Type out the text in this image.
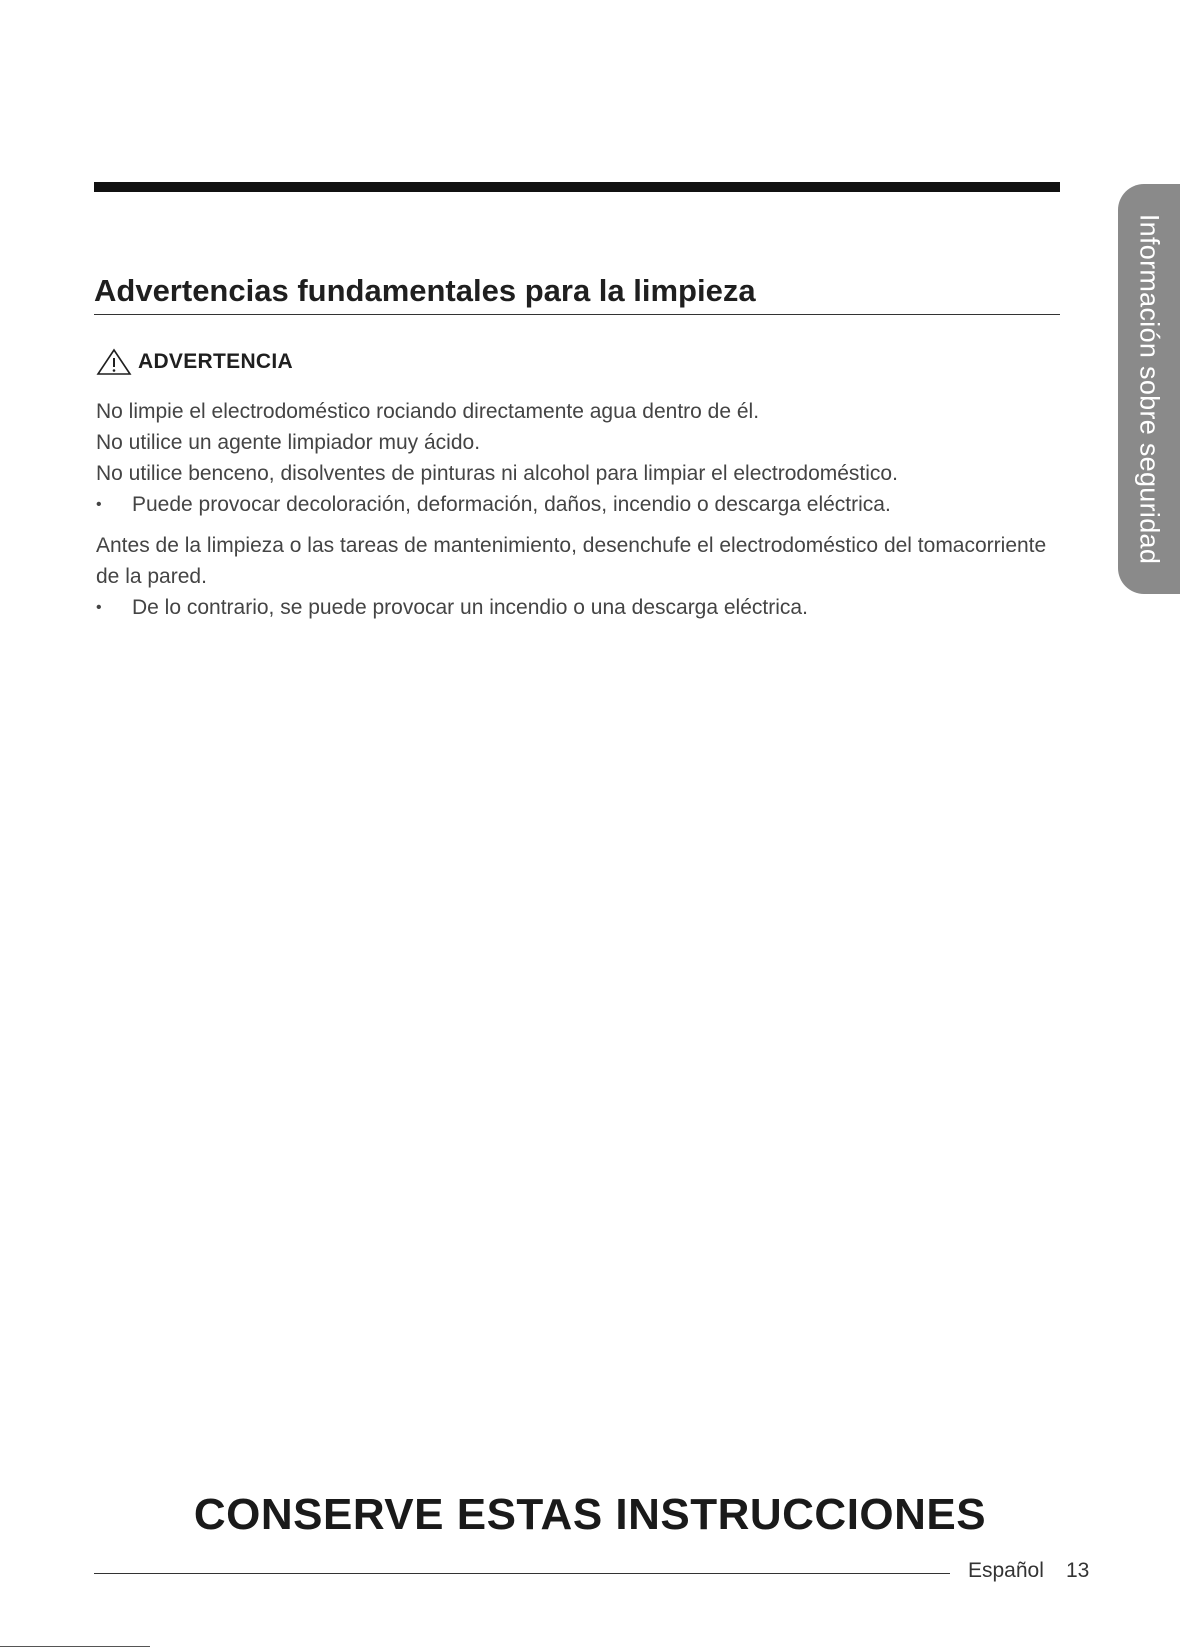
Información sobre seguridad
Advertencias fundamentales para la limpieza
ADVERTENCIA

No limpie el electrodoméstico rociando directamente agua dentro de él.

No utilice un agente limpiador muy ácido.

No utilice benceno, disolventes de pinturas ni alcohol para limpiar el electrodoméstico.

•	Puede provocar decoloración, deformación, daños, incendio o descarga eléctrica.

Antes de la limpieza o las tareas de mantenimiento, desenchufe el electrodoméstico del tomacorriente de la pared.

•	De lo contrario, se puede provocar un incendio o una descarga eléctrica.
CONSERVE ESTAS INSTRUCCIONES
Español 13
